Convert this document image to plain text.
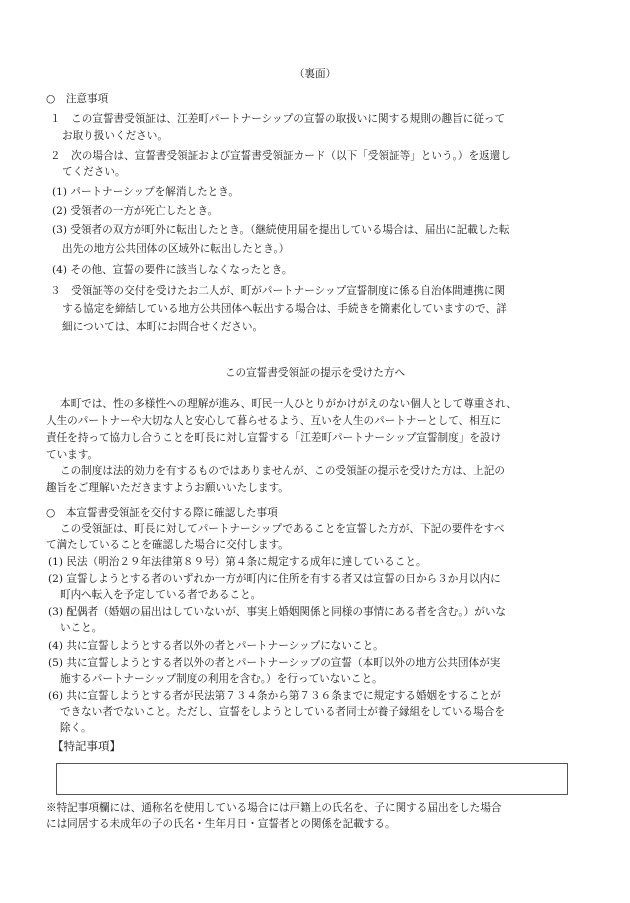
（裏面）
○　注意事項
１　この宣誓書受領証は、江差町パートナーシップの宣誓の取扱いに関する規則の趣旨に従って
お取り扱いください。
２　次の場合は、宣誓書受領証および宣誓書受領証カード（以下「受領証等」という。）を返還し
てください。
(1) パートナーシップを解消したとき。
(2) 受領者の一方が死亡したとき。
(3) 受領者の双方が町外に転出したとき。（継続使用届を提出している場合は、届出に記載した転
出先の地方公共団体の区域外に転出したとき。）
(4) その他、宣誓の要件に該当しなくなったとき。
３　受領証等の交付を受けたお二人が、町がパートナーシップ宣誓制度に係る自治体間連携に関
する協定を締結している地方公共団体へ転出する場合は、手続きを簡素化していますので、詳
細については、本町にお問合せください。
この宣誓書受領証の提示を受けた方へ
本町では、性の多様性への理解が進み、町民一人ひとりがかけがえのない個人として尊重され、
人生のパートナーや大切な人と安心して暮らせるよう、互いを人生のパートナーとして、相互に
責任を持って協力し合うことを町長に対し宣誓する「江差町パートナーシップ宣誓制度」を設け
ています。
この制度は法的効力を有するものではありませんが、この受領証の提示を受けた方は、上記の
趣旨をご理解いただきますようお願いいたします。
○　本宣誓書受領証を交付する際に確認した事項
この受領証は、町長に対してパートナーシップであることを宣誓した方が、下記の要件をすべ
て満たしていることを確認した場合に交付します。
(1) 民法（明治２９年法律第８９号）第４条に規定する成年に達していること。
(2) 宣誓しようとする者のいずれか一方が町内に住所を有する者又は宣誓の日から３か月以内に
町内へ転入を予定している者であること。
(3) 配偶者（婚姻の届出はしていないが、事実上婚姻関係と同様の事情にある者を含む。）がいな
いこと。
(4) 共に宣誓しようとする者以外の者とパートナーシップにないこと。
(5) 共に宣誓しようとする者以外の者とパートナーシップの宣誓（本町以外の地方公共団体が実
施するパートナーシップ制度の利用を含む。）を行っていないこと。
(6) 共に宣誓しようとする者が民法第７３４条から第７３６条までに規定する婚姻をすることが
できない者でないこと。ただし、宣誓をしようとしている者同士が養子縁組をしている場合を
除く。
【特記事項】
※特記事項欄には、通称名を使用している場合には戸籍上の氏名を、子に関する届出をした場合
には同居する未成年の子の氏名・生年月日・宣誓者との関係を記載する。
